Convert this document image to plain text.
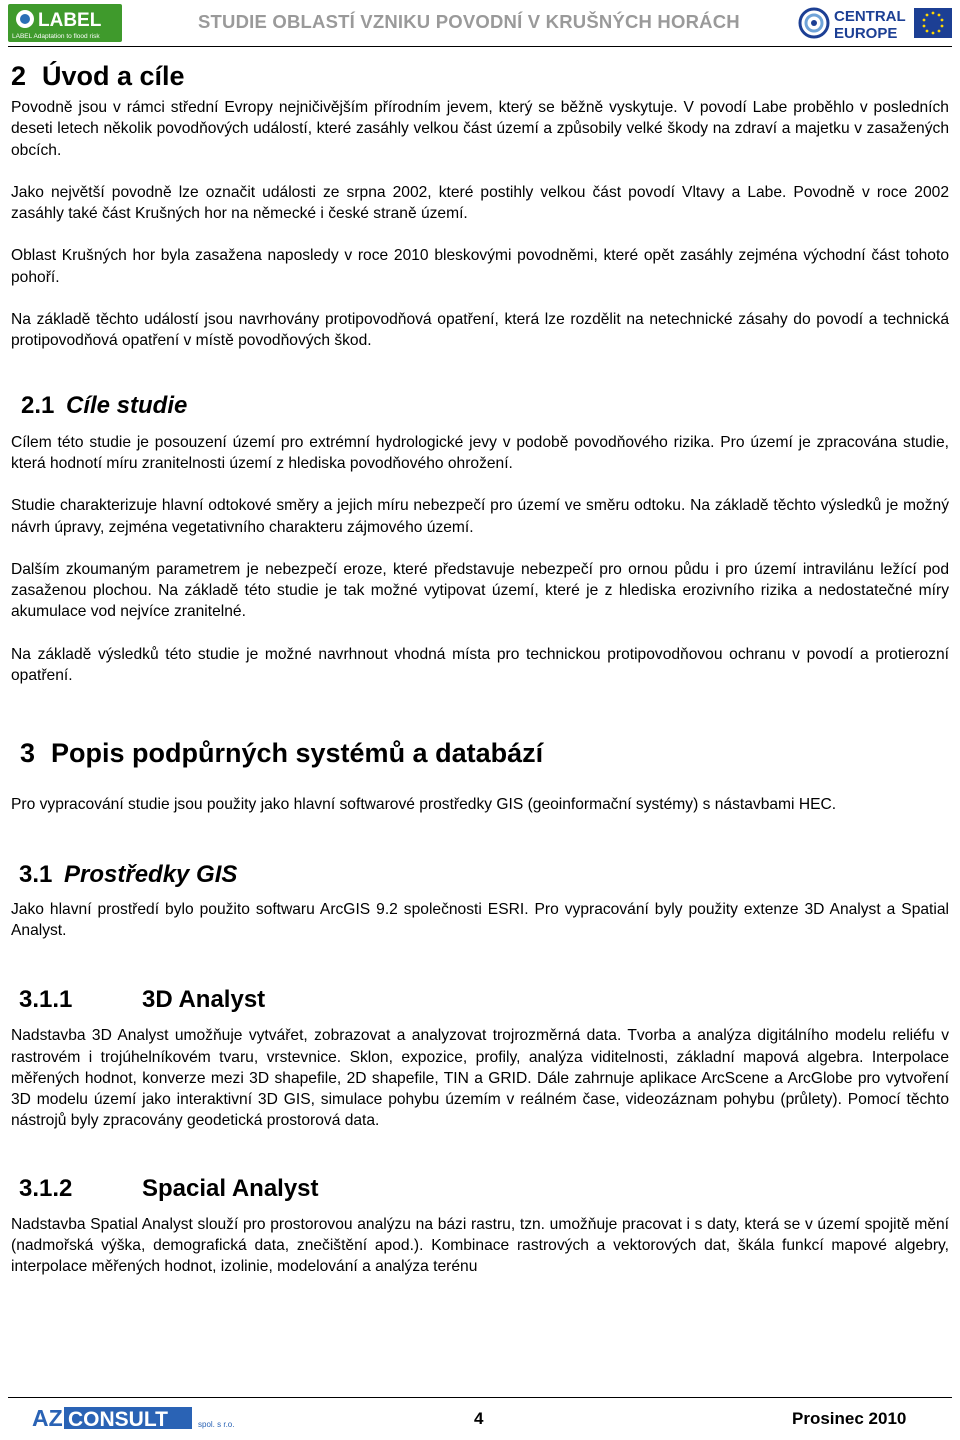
LABEL
LABEL Adaptation to flood risk
STUDIE OBLASTÍ VZNIKU POVODNÍ V KRUŠNÝCH HORÁCH	CENTRAL
EUROPE
2 Úvod a cíle

Povodně jsou v rámci střední Evropy nejničivějším přírodním jevem, který se běžně vyskytuje. V povodí Labe proběhlo v posledních deseti letech několik povodňových událostí, které zasáhly velkou část území a způsobily velké škody na zdraví a majetku v zasažených obcích.

Jako největší povodně lze označit události ze srpna 2002, které postihly velkou část povodí Vltavy a Labe. Povodně v roce 2002 zasáhly také část Krušných hor na německé i české straně území.

Oblast Krušných hor byla zasažena naposledy v roce 2010 bleskovými povodněmi, které opět zasáhly zejména východní část tohoto pohoří.

Na základě těchto událostí jsou navrhovány protipovodňová opatření, která lze rozdělit na netechnické zásahy do povodí a technická protipovodňová opatření v místě povodňových škod.

2.1 Cíle studie

Cílem této studie je posouzení území pro extrémní hydrologické jevy v podobě povodňového rizika. Pro území je zpracována studie, která hodnotí míru zranitelnosti území z hlediska povodňového ohrožení.

Studie charakterizuje hlavní odtokové směry a jejich míru nebezpečí pro území ve směru odtoku. Na základě těchto výsledků je možný návrh úpravy, zejména vegetativního charakteru zájmového území.

Dalším zkoumaným parametrem je nebezpečí eroze, které představuje nebezpečí pro ornou půdu i pro území intravilánu ležící pod zasaženou plochou. Na základě této studie je tak možné vytipovat území, které je z hlediska erozivního rizika a nedostatečné míry akumulace vod nejvíce zranitelné.

Na základě výsledků této studie je možné navrhnout vhodná místa pro technickou protipovodňovou ochranu v povodí a protierozní opatření.

3 Popis podpůrných systémů a databází

Pro vypracování studie jsou použity jako hlavní softwarové prostředky GIS (geoinformační systémy) s nástavbami HEC.

3.1 Prostředky GIS

Jako hlavní prostředí bylo použito softwaru ArcGIS 9.2 společnosti ESRI. Pro vypracování byly použity extenze 3D Analyst a Spatial Analyst.

3.1.1	3D Analyst

Nadstavba 3D Analyst umožňuje vytvářet, zobrazovat a analyzovat trojrozměrná data. Tvorba a analýza digitálního modelu reliéfu v rastrovém i trojúhelníkovém tvaru, vrstevnice. Sklon, expozice, profily, analýza viditelnosti, základní mapová algebra. Interpolace měřených hodnot, konverze mezi 3D shapefile, 2D shapefile, TIN a GRID. Dále zahrnuje aplikace ArcScene a ArcGlobe pro vytvoření 3D modelu území jako interaktivní 3D GIS, simulace pohybu územím v reálném čase, videozáznam pohybu (průlety). Pomocí těchto nástrojů byly zpracovány geodetická prostorová data.

3.1.2	Spacial Analyst

Nadstavba Spatial Analyst slouží pro prostorovou analýzu na bázi rastru, tzn. umožňuje pracovat i s daty, která se v území spojitě mění (nadmořská výška, demografická data, znečištění apod.). Kombinace rastrových a vektorových dat, škála funkcí mapové algebry, interpolace měřených hodnot, izolinie, modelování a analýza terénu

AZ CONSULT	spol. s r.o.	4	Prosinec 2010
